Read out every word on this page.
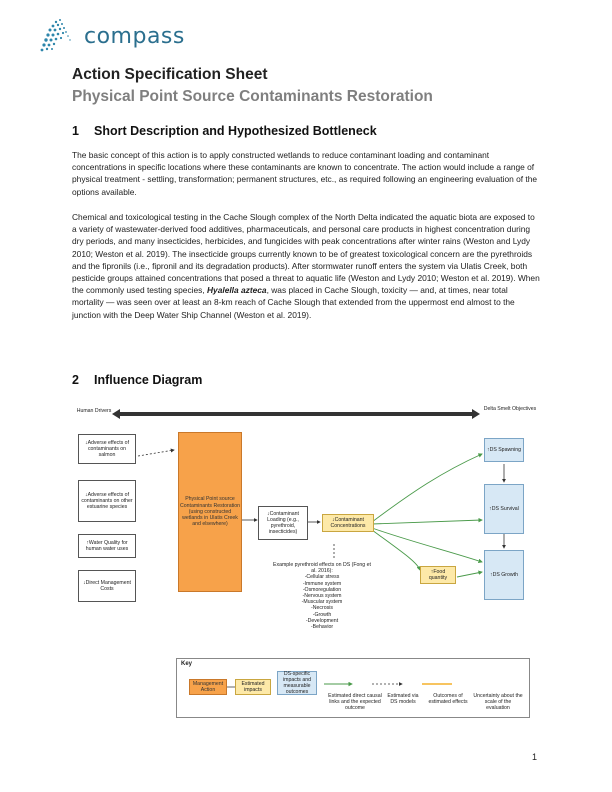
compass
Action Specification Sheet
Physical Point Source Contaminants Restoration
1 Short Description and Hypothesized Bottleneck
The basic concept of this action is to apply constructed wetlands to reduce contaminant loading and contaminant concentrations in specific locations where these contaminants are known to concentrate. The action would include a range of physical treatment - settling, transformation; permanent structures, etc., as required following an engineering evaluation of the options available.
Chemical and toxicological testing in the Cache Slough complex of the North Delta indicated the aquatic biota are exposed to a variety of wastewater-derived food additives, pharmaceuticals, and personal care products in highest concentration during dry periods, and many insecticides, herbicides, and fungicides with peak concentrations after winter rains (Weston and Lydy 2010; Weston et al. 2019). The insecticide groups currently known to be of greatest toxicological concern are the pyrethroids and the fipronils (i.e., fipronil and its degradation products). After stormwater runoff enters the system via Ulatis Creek, both pesticide groups attained concentrations that posed a threat to aquatic life (Weston and Lydy 2010; Weston et al. 2019). When the commonly used testing species, Hyalella azteca, was placed in Cache Slough, toxicity — and, at times, near total mortality — was seen over at least an 8-km reach of Cache Slough that extended from the uppermost end almost to the junction with the Deep Water Ship Channel (Weston et al. 2019).
2 Influence Diagram
Human Drivers	Delta Smelt Objectives
↓Adverse effects of contaminants on salmon
↓Adverse effects of contaminants on other estuarine species
↑Water Quality for human water uses
↓Direct Management Costs
Physical Point source Contaminants Restoration (using constructed wetlands in Ulatis Creek and elsewhere)
↓Contaminant Loading (e.g., pyrethroid, insecticides)
↓Contaminant Concentrations
↑DS Spawning
↑DS Survival
↑DS Growth
↑Food quantity
Example pyrethroid effects on DS (Fong et al. 2016):
-Cellular stress
-Immune system
-Osmoregulation
-Nervous system
-Muscular system
-Necrosis
-Growth
-Development
-Behavior
Key
Management Action
Estimated impacts
DS-specific impacts and measurable outcomes
Estimated direct causal links and the expected outcome
Estimated via DS models
Outcomes of estimated effects
Uncertainty about the scale of the evaluation
1
